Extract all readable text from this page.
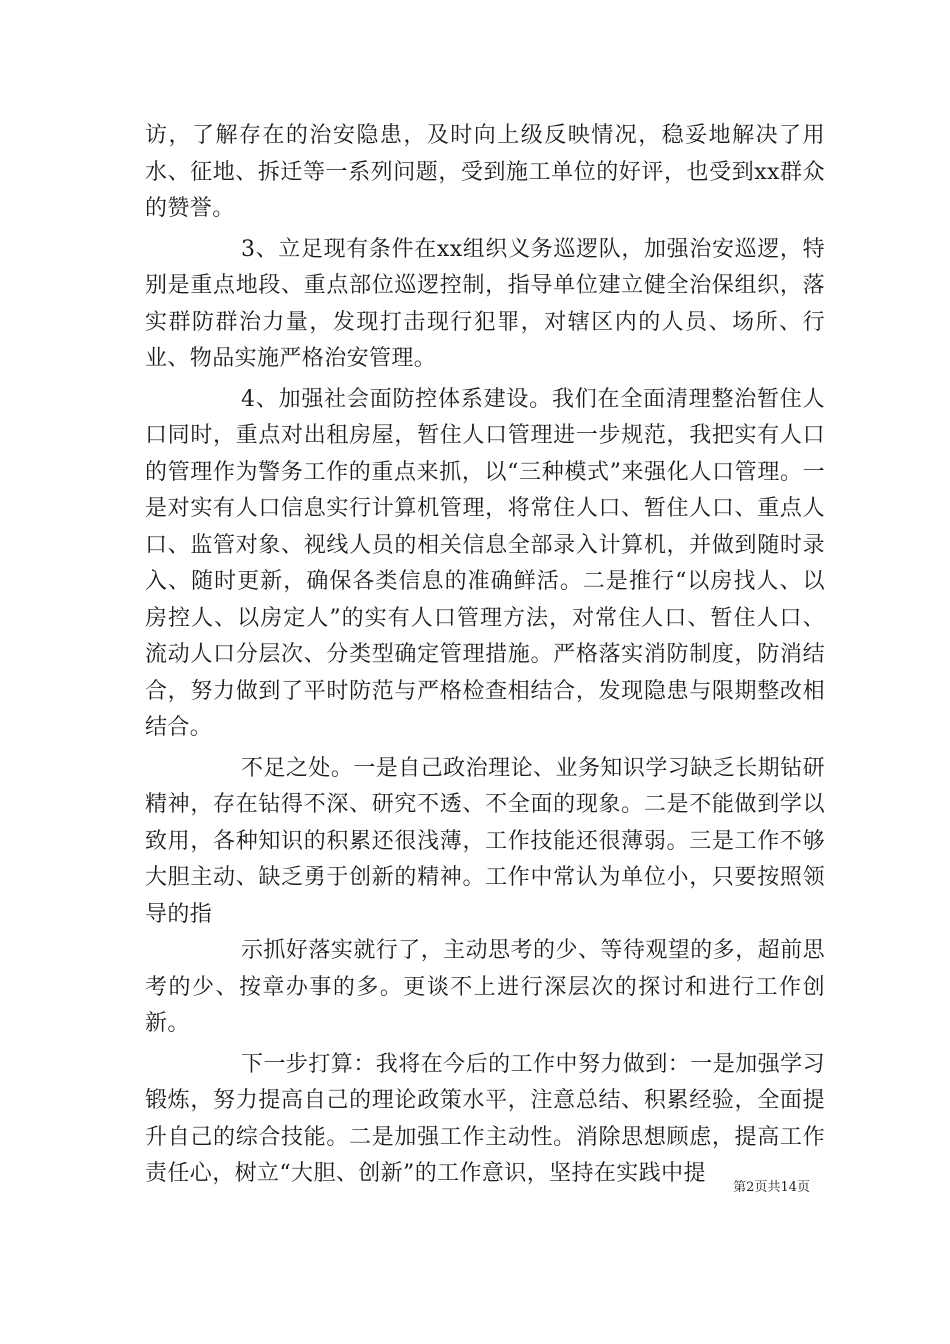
访，了解存在的治安隐患，及时向上级反映情况，稳妥地解决了用水、征地、拆迁等一系列问题，受到施工单位的好评，也受到xx群众的赞誉。

3、立足现有条件在xx组织义务巡逻队，加强治安巡逻，特别是重点地段、重点部位巡逻控制，指导单位建立健全治保组织，落实群防群治力量，发现打击现行犯罪，对辖区内的人员、场所、行业、物品实施严格治安管理。

4、加强社会面防控体系建设。我们在全面清理整治暂住人口同时，重点对出租房屋，暂住人口管理进一步规范，我把实有人口的管理作为警务工作的重点来抓，以“三种模式”来强化人口管理。一是对实有人口信息实行计算机管理，将常住人口、暂住人口、重点人口、监管对象、视线人员的相关信息全部录入计算机，并做到随时录入、随时更新，确保各类信息的准确鲜活。二是推行“以房找人、以房控人、以房定人”的实有人口管理方法，对常住人口、暂住人口、流动人口分层次、分类型确定管理措施。严格落实消防制度，防消结合，努力做到了平时防范与严格检查相结合，发现隐患与限期整改相结合。

不足之处。一是自己政治理论、业务知识学习缺乏长期钻研精神，存在钻得不深、研究不透、不全面的现象。二是不能做到学以致用，各种知识的积累还很浅薄，工作技能还很薄弱。三是工作不够大胆主动、缺乏勇于创新的精神。工作中常认为单位小，只要按照领导的指

示抓好落实就行了，主动思考的少、等待观望的多，超前思考的少、按章办事的多。更谈不上进行深层次的探讨和进行工作创新。

下一步打算：我将在今后的工作中努力做到：一是加强学习锻炼，努力提高自己的理论政策水平，注意总结、积累经验，全面提升自己的综合技能。二是加强工作主动性。消除思想顾虑，提高工作责任心，树立“大胆、创新”的工作意识，坚持在实践中提

第2页共14页
